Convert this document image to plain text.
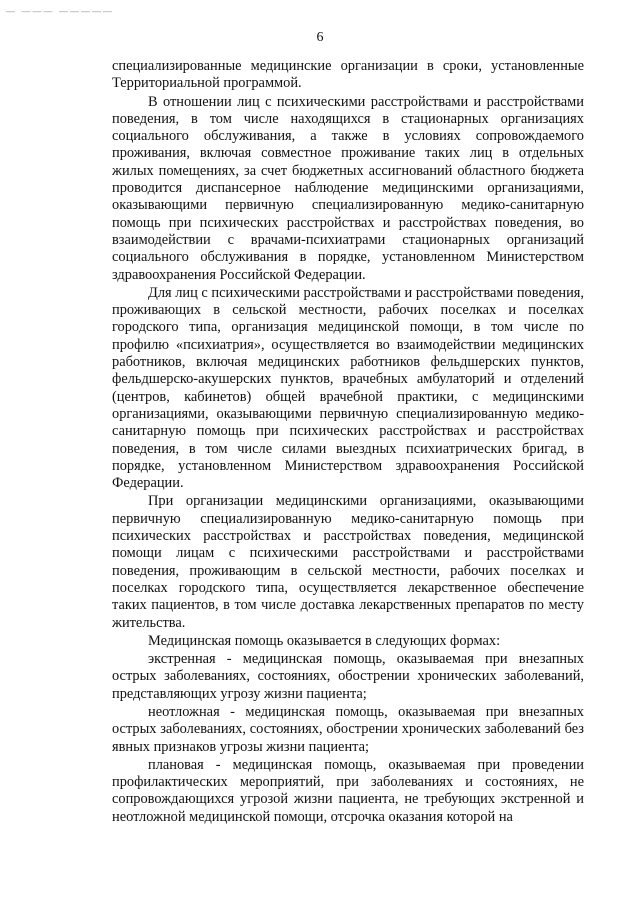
— ——— —————
6

специализированные медицинские организации в сроки, установленные Территориальной программой.

В отношении лиц с психическими расстройствами и расстройствами поведения, в том числе находящихся в стационарных организациях социального обслуживания, а также в условиях сопровождаемого проживания, включая совместное проживание таких лиц в отдельных жилых помещениях, за счет бюджетных ассигнований областного бюджета проводится диспансерное наблюдение медицинскими организациями, оказывающими первичную специализированную медико-санитарную помощь при психических расстройствах и расстройствах поведения, во взаимодействии с врачами-психиатрами стационарных организаций социального обслуживания в порядке, установленном Министерством здравоохранения Российской Федерации.

Для лиц с психическими расстройствами и расстройствами поведения, проживающих в сельской местности, рабочих поселках и поселках городского типа, организация медицинской помощи, в том числе по профилю «психиатрия», осуществляется во взаимодействии медицинских работников, включая медицинских работников фельдшерских пунктов, фельдшерско-акушерских пунктов, врачебных амбулаторий и отделений (центров, кабинетов) общей врачебной практики, с медицинскими организациями, оказывающими первичную специализированную медико-санитарную помощь при психических расстройствах и расстройствах поведения, в том числе силами выездных психиатрических бригад, в порядке, установленном Министерством здравоохранения Российской Федерации.

При организации медицинскими организациями, оказывающими первичную специализированную медико-санитарную помощь при психических расстройствах и расстройствах поведения, медицинской помощи лицам с психическими расстройствами и расстройствами поведения, проживающим в сельской местности, рабочих поселках и поселках городского типа, осуществляется лекарственное обеспечение таких пациентов, в том числе доставка лекарственных препаратов по месту жительства.

Медицинская помощь оказывается в следующих формах:

экстренная - медицинская помощь, оказываемая при внезапных острых заболеваниях, состояниях, обострении хронических заболеваний, представляющих угрозу жизни пациента;

неотложная - медицинская помощь, оказываемая при внезапных острых заболеваниях, состояниях, обострении хронических заболеваний без явных признаков угрозы жизни пациента;

плановая - медицинская помощь, оказываемая при проведении профилактических мероприятий, при заболеваниях и состояниях, не сопровождающихся угрозой жизни пациента, не требующих экстренной и неотложной медицинской помощи, отсрочка оказания которой на
